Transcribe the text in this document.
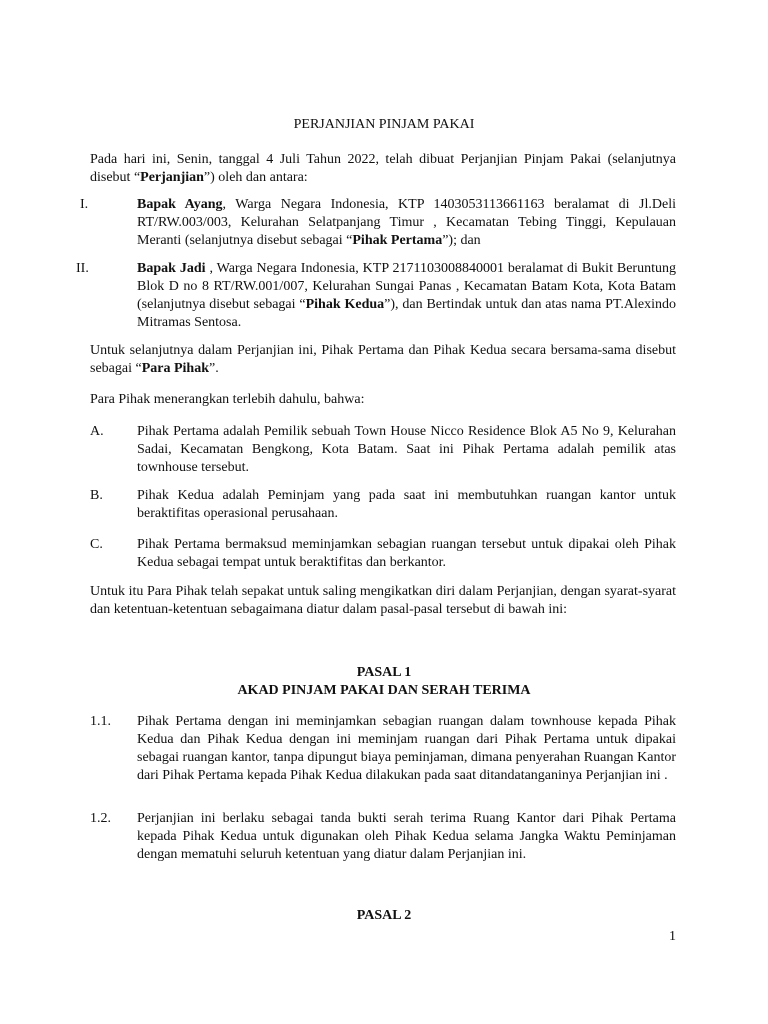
PERJANJIAN PINJAM PAKAI

Pada hari ini, Senin, tanggal 4 Juli Tahun 2022, telah dibuat Perjanjian Pinjam Pakai (selanjutnya disebut “Perjanjian”) oleh dan antara:

I.	Bapak Ayang, Warga Negara Indonesia, KTP 1403053113661163 beralamat di Jl.Deli RT/RW.003/003, Kelurahan Selatpanjang Timur , Kecamatan Tebing Tinggi, Kepulauan Meranti (selanjutnya disebut sebagai “Pihak Pertama”); dan

II.	Bapak Jadi , Warga Negara Indonesia, KTP 2171103008840001 beralamat di Bukit Beruntung Blok D no 8 RT/RW.001/007, Kelurahan Sungai Panas , Kecamatan Batam Kota, Kota Batam (selanjutnya disebut sebagai “Pihak Kedua”), dan Bertindak untuk dan atas nama PT.Alexindo Mitramas Sentosa.

Untuk selanjutnya dalam Perjanjian ini, Pihak Pertama dan Pihak Kedua secara bersama-sama disebut sebagai “Para Pihak”.

Para Pihak menerangkan terlebih dahulu, bahwa:

A.	Pihak Pertama adalah Pemilik sebuah Town House Nicco Residence Blok A5 No 9, Kelurahan Sadai, Kecamatan Bengkong, Kota Batam. Saat ini Pihak Pertama adalah pemilik atas townhouse tersebut.

B.	Pihak Kedua adalah Peminjam yang pada saat ini membutuhkan ruangan kantor untuk beraktifitas operasional perusahaan.

C.	Pihak Pertama bermaksud meminjamkan sebagian ruangan tersebut untuk dipakai oleh Pihak Kedua sebagai tempat untuk beraktifitas dan berkantor.

Untuk itu Para Pihak telah sepakat untuk saling mengikatkan diri dalam Perjanjian, dengan syarat-syarat dan ketentuan-ketentuan sebagaimana diatur dalam pasal-pasal tersebut di bawah ini:

PASAL 1

AKAD PINJAM PAKAI DAN SERAH TERIMA

1.1.	Pihak Pertama dengan ini meminjamkan sebagian ruangan dalam townhouse kepada Pihak Kedua dan Pihak Kedua dengan ini meminjam ruangan dari Pihak Pertama untuk dipakai sebagai ruangan kantor, tanpa dipungut biaya peminjaman, dimana penyerahan Ruangan Kantor dari Pihak Pertama kepada Pihak Kedua dilakukan pada saat ditandatanganinya Perjanjian ini .

1.2.	Perjanjian ini berlaku sebagai tanda bukti serah terima Ruang Kantor dari Pihak Pertama kepada Pihak Kedua untuk digunakan oleh Pihak Kedua selama Jangka Waktu Peminjaman dengan mematuhi seluruh ketentuan yang diatur dalam Perjanjian ini.

PASAL 2

1
